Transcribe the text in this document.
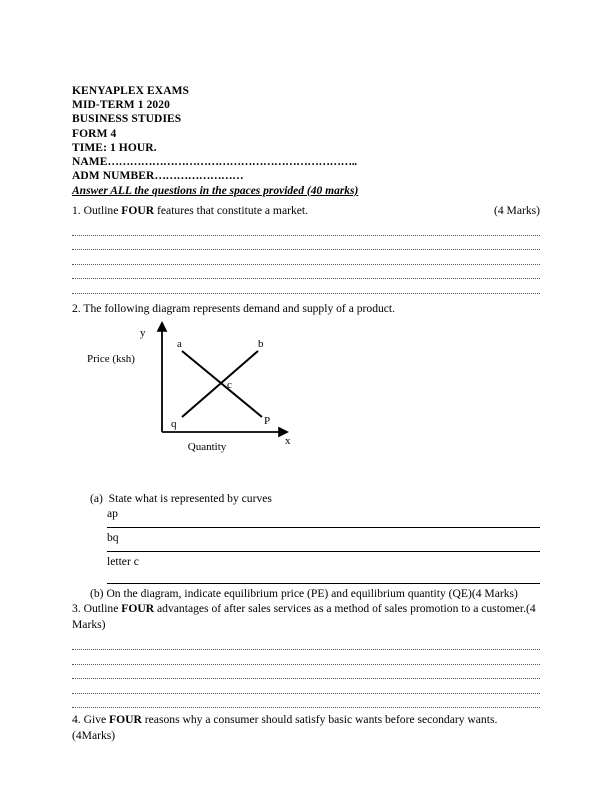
KENYAPLEX EXAMS
MID-TERM 1 2020
BUSINESS STUDIES
FORM 4
TIME: 1 HOUR.
NAME…………………………………………………………..
ADM NUMBER……………………
Answer ALL the questions in the spaces provided (40 marks)
1. Outline FOUR features that constitute a market.	(4 Marks)
2. The following diagram represents demand and supply of a product.
a	b
c
q	P
y
x
Price (ksh)
Quantity
(a) State what is represented by curves
ap
bq
letter c
(b) On the diagram, indicate equilibrium price (PE) and equilibrium quantity (QE)(4 Marks)
3. Outline FOUR advantages of after sales services as a method of sales promotion to a customer.(4 Marks)
4. Give FOUR reasons why a consumer should satisfy basic wants before secondary wants.(4Marks)
